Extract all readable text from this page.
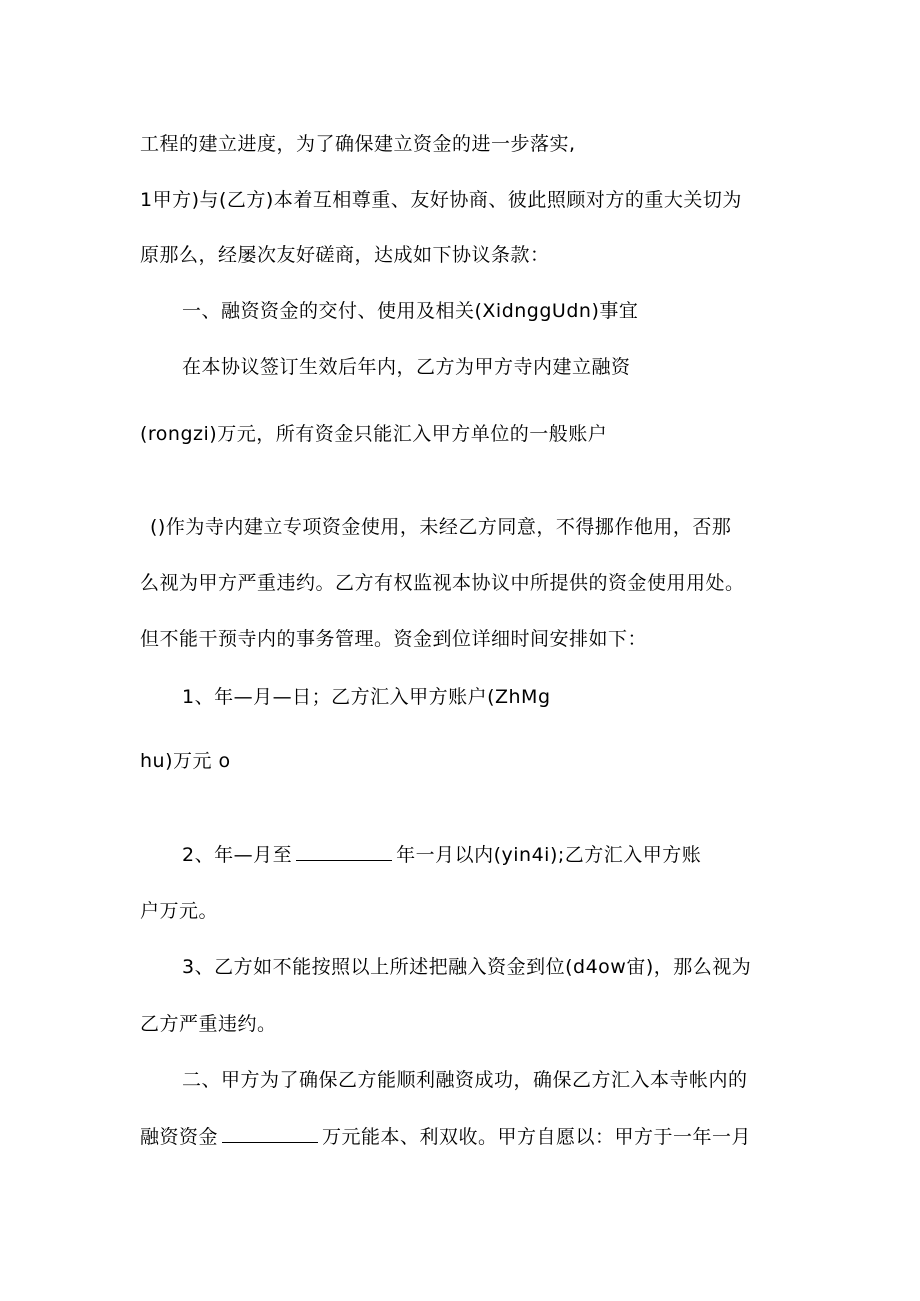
工程的建立进度，为了确保建立资金的进一步落实,
1甲方)与(乙方)本着互相尊重、友好协商、彼此照顾对方的重大关切为
原那么，经屡次友好磋商，达成如下协议条款：
一、融资资金的交付、使用及相关(XidnggUdn)事宜
在本协议签订生效后年内，乙方为甲方寺内建立融资
(rongzi)万元，所有资金只能汇入甲方单位的一般账户
()作为寺内建立专项资金使用，未经乙方同意，不得挪作他用，否那
么视为甲方严重违约。乙方有权监视本协议中所提供的资金使用用处。
但不能干预寺内的事务管理。资金到位详细时间安排如下：
1、年—月—日；乙方汇入甲方账户(ZhMg
hu)万元 o
2、年—月至	年一月以内(yin4i);乙方汇入甲方账
户万元。
3、乙方如不能按照以上所述把融入资金到位(d4ow宙)，那么视为
乙方严重违约。
二、甲方为了确保乙方能顺利融资成功，确保乙方汇入本寺帐内的
融资资金	万元能本、利双收。甲方自愿以：甲方于一年一月
